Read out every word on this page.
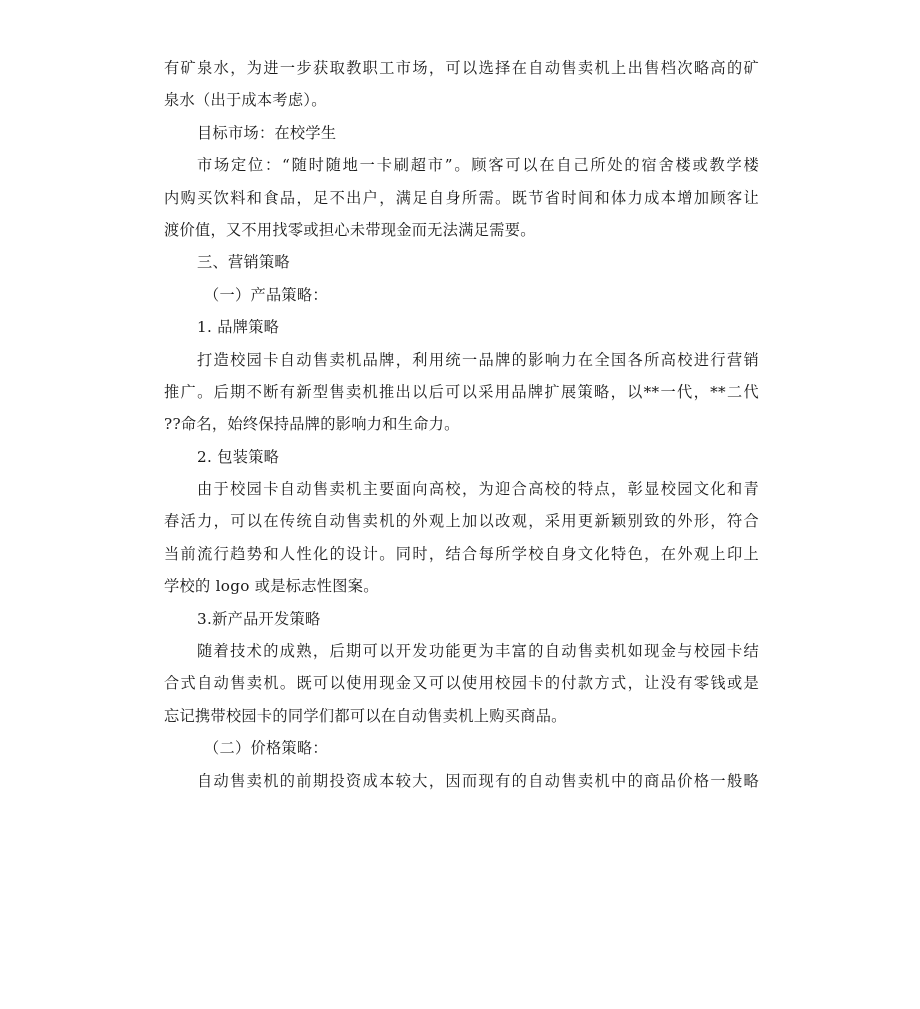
有矿泉水，为进一步获取教职工市场，可以选择在自动售卖机上出售档次略高的矿
泉水（出于成本考虑）。
目标市场：在校学生
市场定位：“随时随地一卡刷超市”。顾客可以在自己所处的宿舍楼或教学楼
内购买饮料和食品，足不出户，满足自身所需。既节省时间和体力成本增加顾客让
渡价值，又不用找零或担心未带现金而无法满足需要。
三、营销策略
（一）产品策略：
1. 品牌策略
打造校园卡自动售卖机品牌，利用统一品牌的影响力在全国各所高校进行营销
推广。后期不断有新型售卖机推出以后可以采用品牌扩展策略，以**一代，**二代
??命名，始终保持品牌的影响力和生命力。
2. 包装策略
由于校园卡自动售卖机主要面向高校，为迎合高校的特点，彰显校园文化和青
春活力，可以在传统自动售卖机的外观上加以改观，采用更新颖别致的外形，符合
当前流行趋势和人性化的设计。同时，结合每所学校自身文化特色，在外观上印上
学校的 logo 或是标志性图案。
3.新产品开发策略
随着技术的成熟，后期可以开发功能更为丰富的自动售卖机如现金与校园卡结
合式自动售卖机。既可以使用现金又可以使用校园卡的付款方式，让没有零钱或是
忘记携带校园卡的同学们都可以在自动售卖机上购买商品。
（二）价格策略：
自动售卖机的前期投资成本较大，因而现有的自动售卖机中的商品价格一般略
